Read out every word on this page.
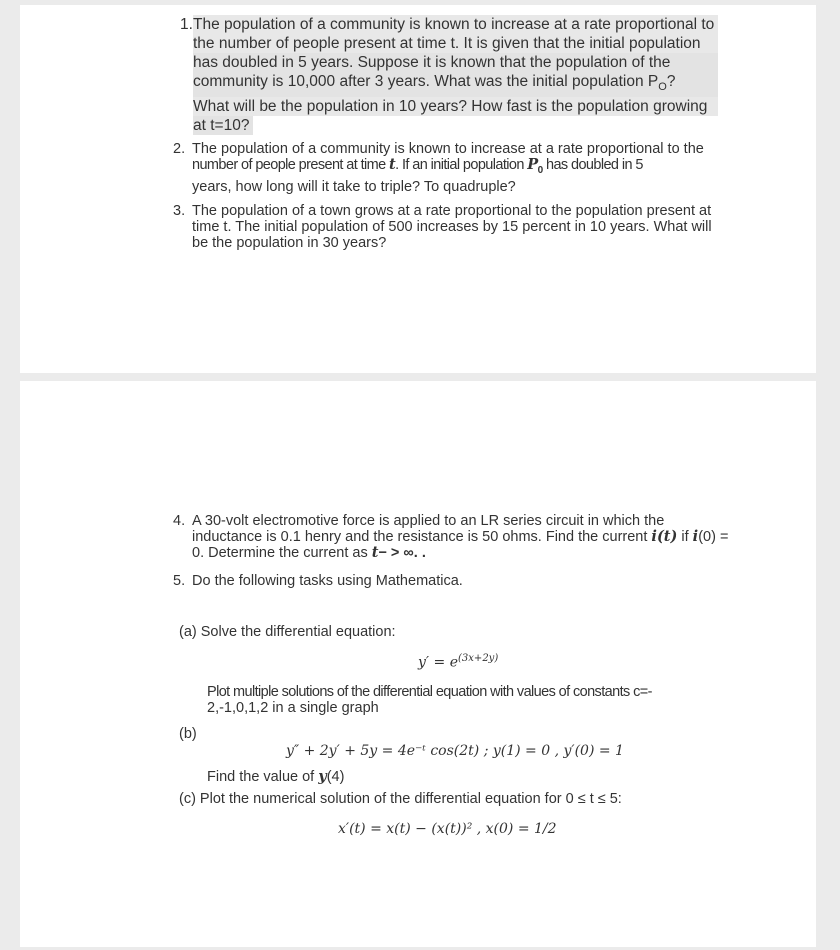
1. The population of a community is known to increase at a rate proportional to
the number of people present at time t. It is given that the initial population
has doubled in 5 years. Suppose it is known that the population of the
community is 10,000 after 3 years. What was the initial population $P_O$?
What will be the population in 10 years? How fast is the population growing
at t=10?
2. The population of a community is known to increase at a rate proportional to the
number of people present at time t. If an initial population $P_0$ has doubled in 5
years, how long will it take to triple? To quadruple?
3. The population of a town grows at a rate proportional to the population present at
time t. The initial population of 500 increases by 15 percent in 10 years. What will
be the population in 30 years?
4. A 30-volt electromotive force is applied to an LR series circuit in which the
inductance is 0.1 henry and the resistance is 50 ohms. Find the current i(t) if i(0) =
0. Determine the current as t− > ∞. .
5. Do the following tasks using Mathematica.
(a) Solve the differential equation:
$y' = e^{(3x+2y)}$
Plot multiple solutions of the differential equation with values of constants c=-
2,-1,0,1,2 in a single graph
(b)
y″ + 2y′ + 5y = 4e⁻ᵗ cos(2t) ; y(1) = 0 , y′(0) = 1
Find the value of y(4)
(c) Plot the numerical solution of the differential equation for 0 ≤ t ≤ 5:
x′(t) = x(t) − (x(t))² , x(0) = 1/2
